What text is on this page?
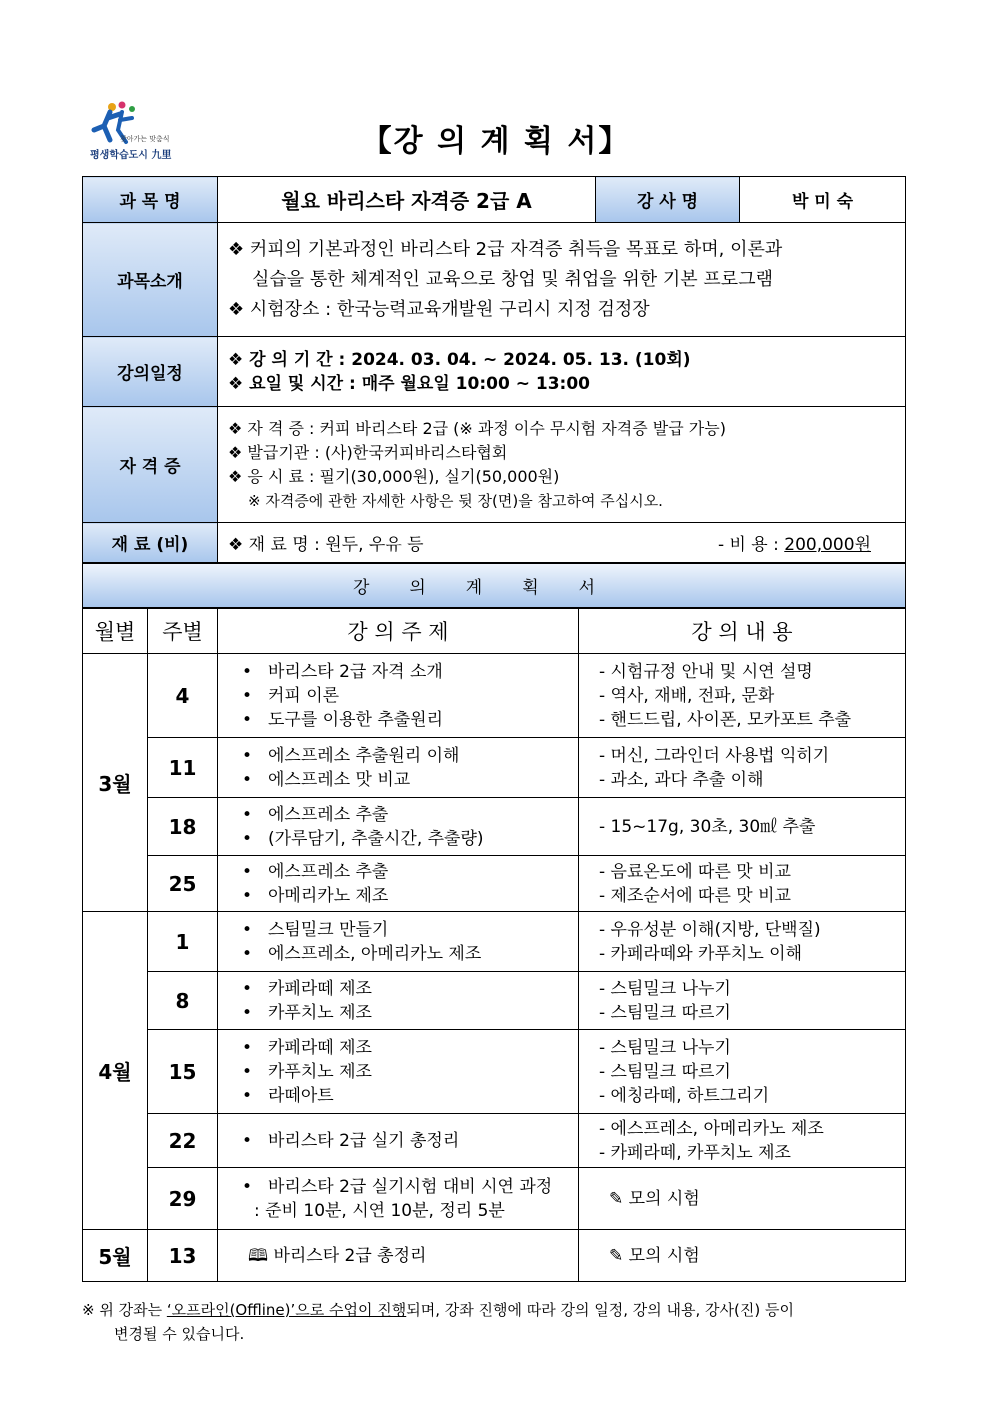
찾아가는 맞춤식
평생학습도시 九里	【강 의 계 획 서】
과 목 명	월요 바리스타 자격증 2급 A	강 사 명	박 미 숙
과목소개	❖ 커피의 기본과정인 바리스타 2급 자격증 취득을 목표로 하며, 이론과
실습을 통한 체계적인 교육으로 창업 및 취업을 위한 기본 프로그램
❖ 시험장소 : 한국능력교육개발원 구리시 지정 검정장		

강의일정	❖ 강 의 기 간 : 2024. 03. 04. ~ 2024. 05. 13. (10회)
❖ 요일 및 시간 : 매주 월요일 10:00 ~ 13:00		

자 격 증	❖ 자 격 증 : 커피 바리스타 2급 (※ 과정 이수 무시험 자격증 발급 가능)
❖ 발급기관 : (사)한국커피바리스타협회
❖ 응 시 료 : 필기(30,000원), 실기(50,000원)
※ 자격증에 관한 자세한 사항은 뒷 장(면)을 참고하여 주십시오.		

재 료 (비)	❖ 재 료 명 : 원두, 우유 등 - 비 용 : 200,000원		
강의계획서			
월별	주별	강 의 주 제	강 의 내 용
3월	4	• 바리스타 2급 자격 소개
• 커피 이론
• 도구를 이용한 추출원리	- 시험규정 안내 및 시연 설명
- 역사, 재배, 전파, 문화
- 핸드드립, 사이폰, 모카포트 추출

	11	• 에스프레소 추출원리 이해
• 에스프레소 맛 비교	- 머신, 그라인더 사용법 익히기
- 과소, 과다 추출 이해

	18	• 에스프레소 추출
• (가루담기, 추출시간, 추출량)	- 15~17g, 30초, 30㎖ 추출

	25	• 에스프레소 추출
• 아메리카노 제조	- 음료온도에 따른 맛 비교
- 제조순서에 따른 맛 비교

4월	1	• 스팀밀크 만들기
• 에스프레소, 아메리카노 제조	- 우유성분 이해(지방, 단백질)
- 카페라떼와 카푸치노 이해

	8	• 카페라떼 제조
• 카푸치노 제조	- 스팀밀크 나누기
- 스팀밀크 따르기

	15	• 카페라떼 제조
• 카푸치노 제조
• 라떼아트	- 스팀밀크 나누기
- 스팀밀크 따르기
- 에칭라떼, 하트그리기

	22	• 바리스타 2급 실기 총정리	- 에스프레소, 아메리카노 제조
- 카페라떼, 카푸치노 제조

	29	• 바리스타 2급 실기시험 대비 시연 과정
: 준비 10분, 시연 10분, 정리 5분	✎ 모의 시험

5월	13	🕮 바리스타 2급 총정리	✎ 모의 시험
※ 위 강좌는 ‘오프라인(Offline)’으로 수업이 진행되며, 강좌 진행에 따라 강의 일정, 강의 내용, 강사(진) 등이
변경될 수 있습니다.
